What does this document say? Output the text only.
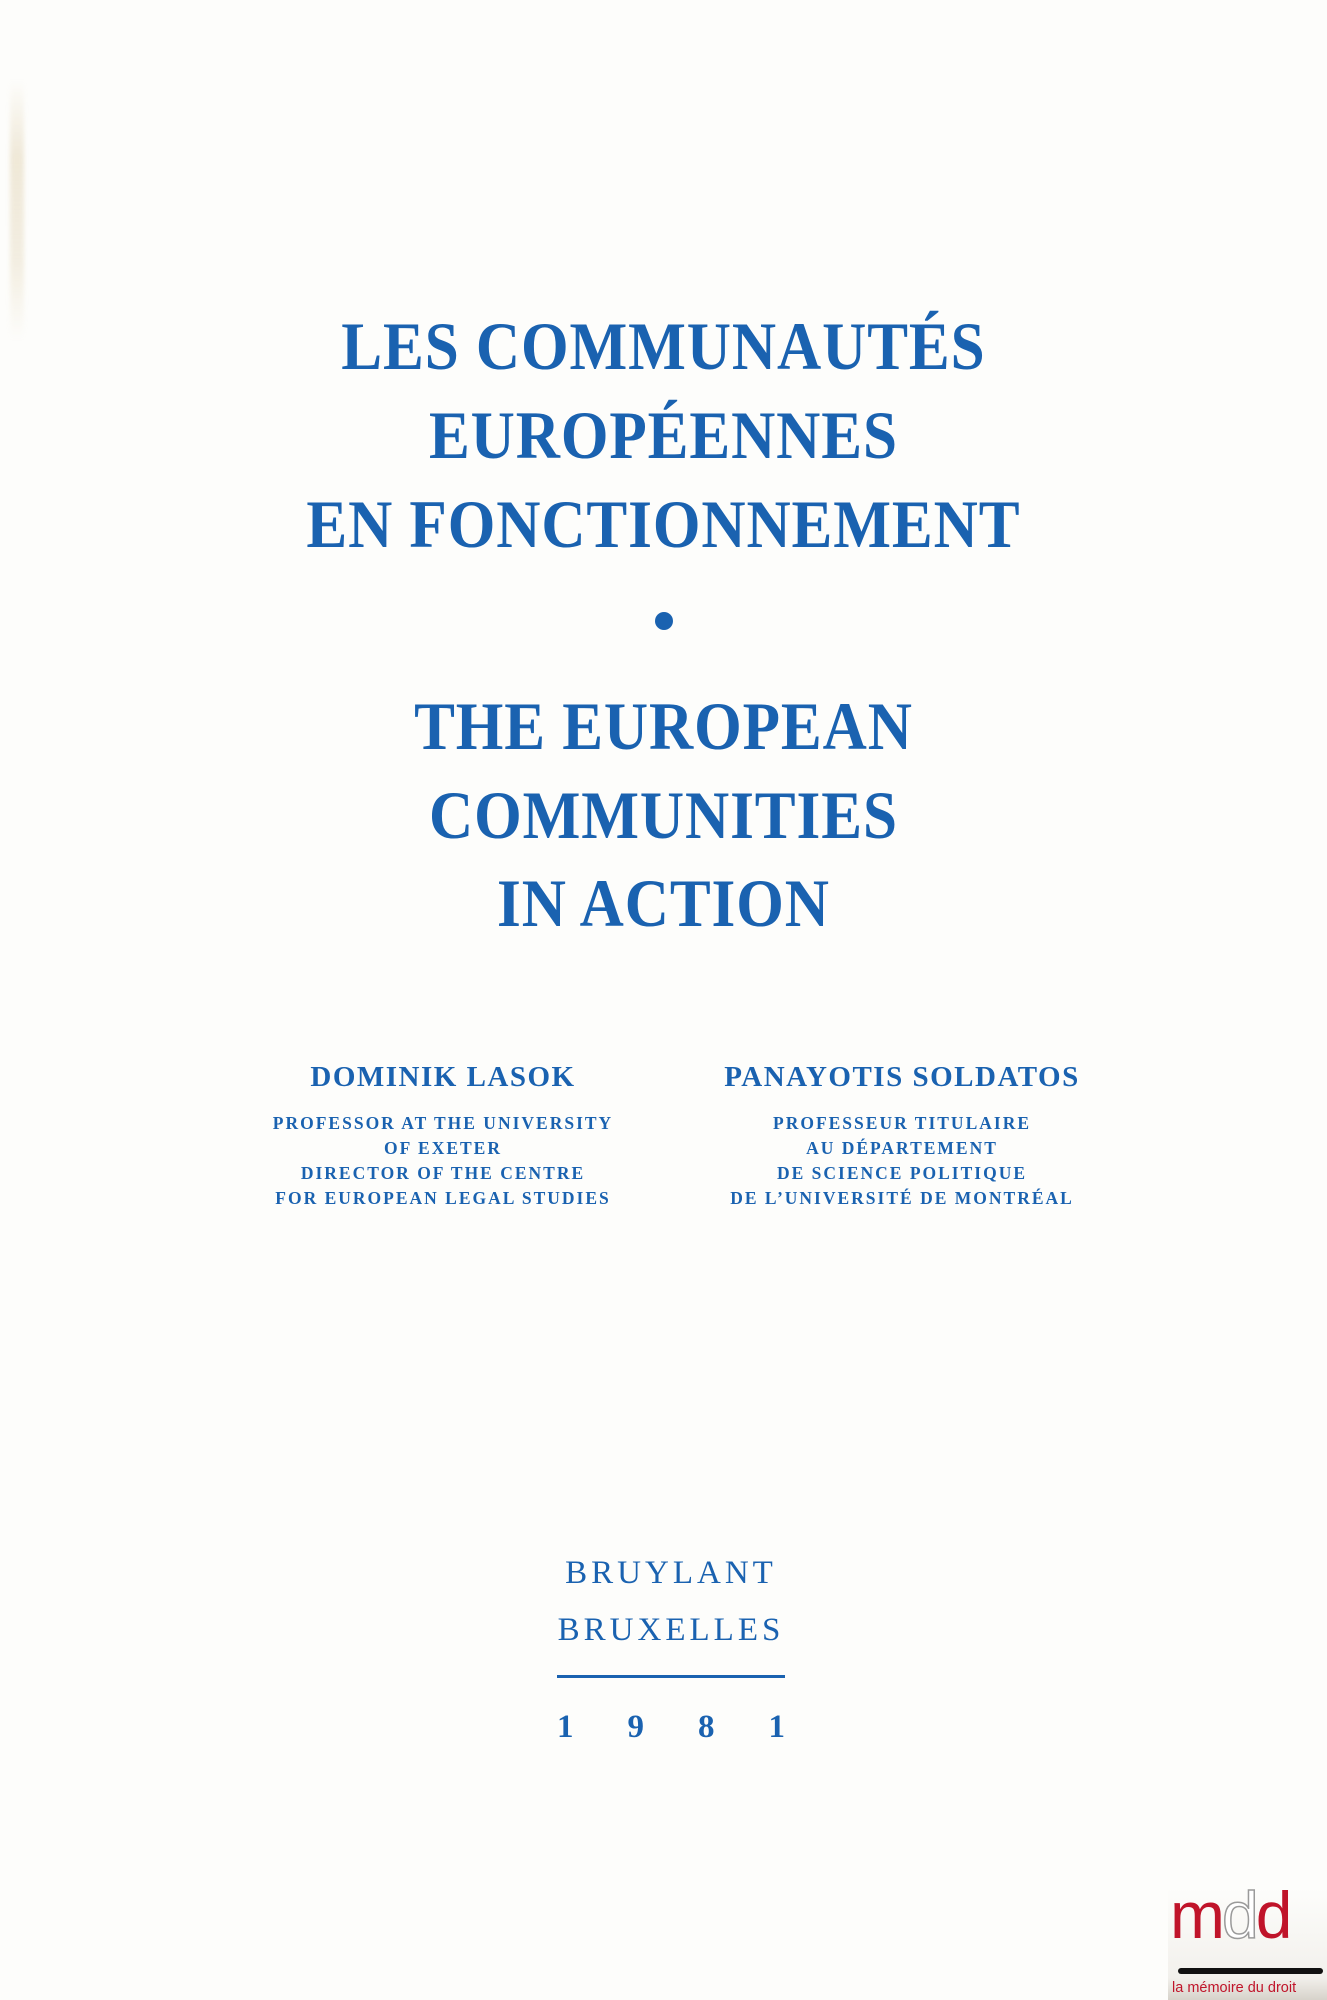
LES COMMUNAUTÉS
EUROPÉENNES
EN FONCTIONNEMENT
THE EUROPEAN
COMMUNITIES
IN ACTION
DOMINIK LASOK
PROFESSOR AT THE UNIVERSITY
OF EXETER
DIRECTOR OF THE CENTRE
FOR EUROPEAN LEGAL STUDIES
PANAYOTIS SOLDATOS
PROFESSEUR TITULAIRE
AU DÉPARTEMENT
DE SCIENCE POLITIQUE
DE L’UNIVERSITÉ DE MONTRÉAL
BRUYLANT
BRUXELLES
1 9 8 1
mdd
la mémoire du droit
